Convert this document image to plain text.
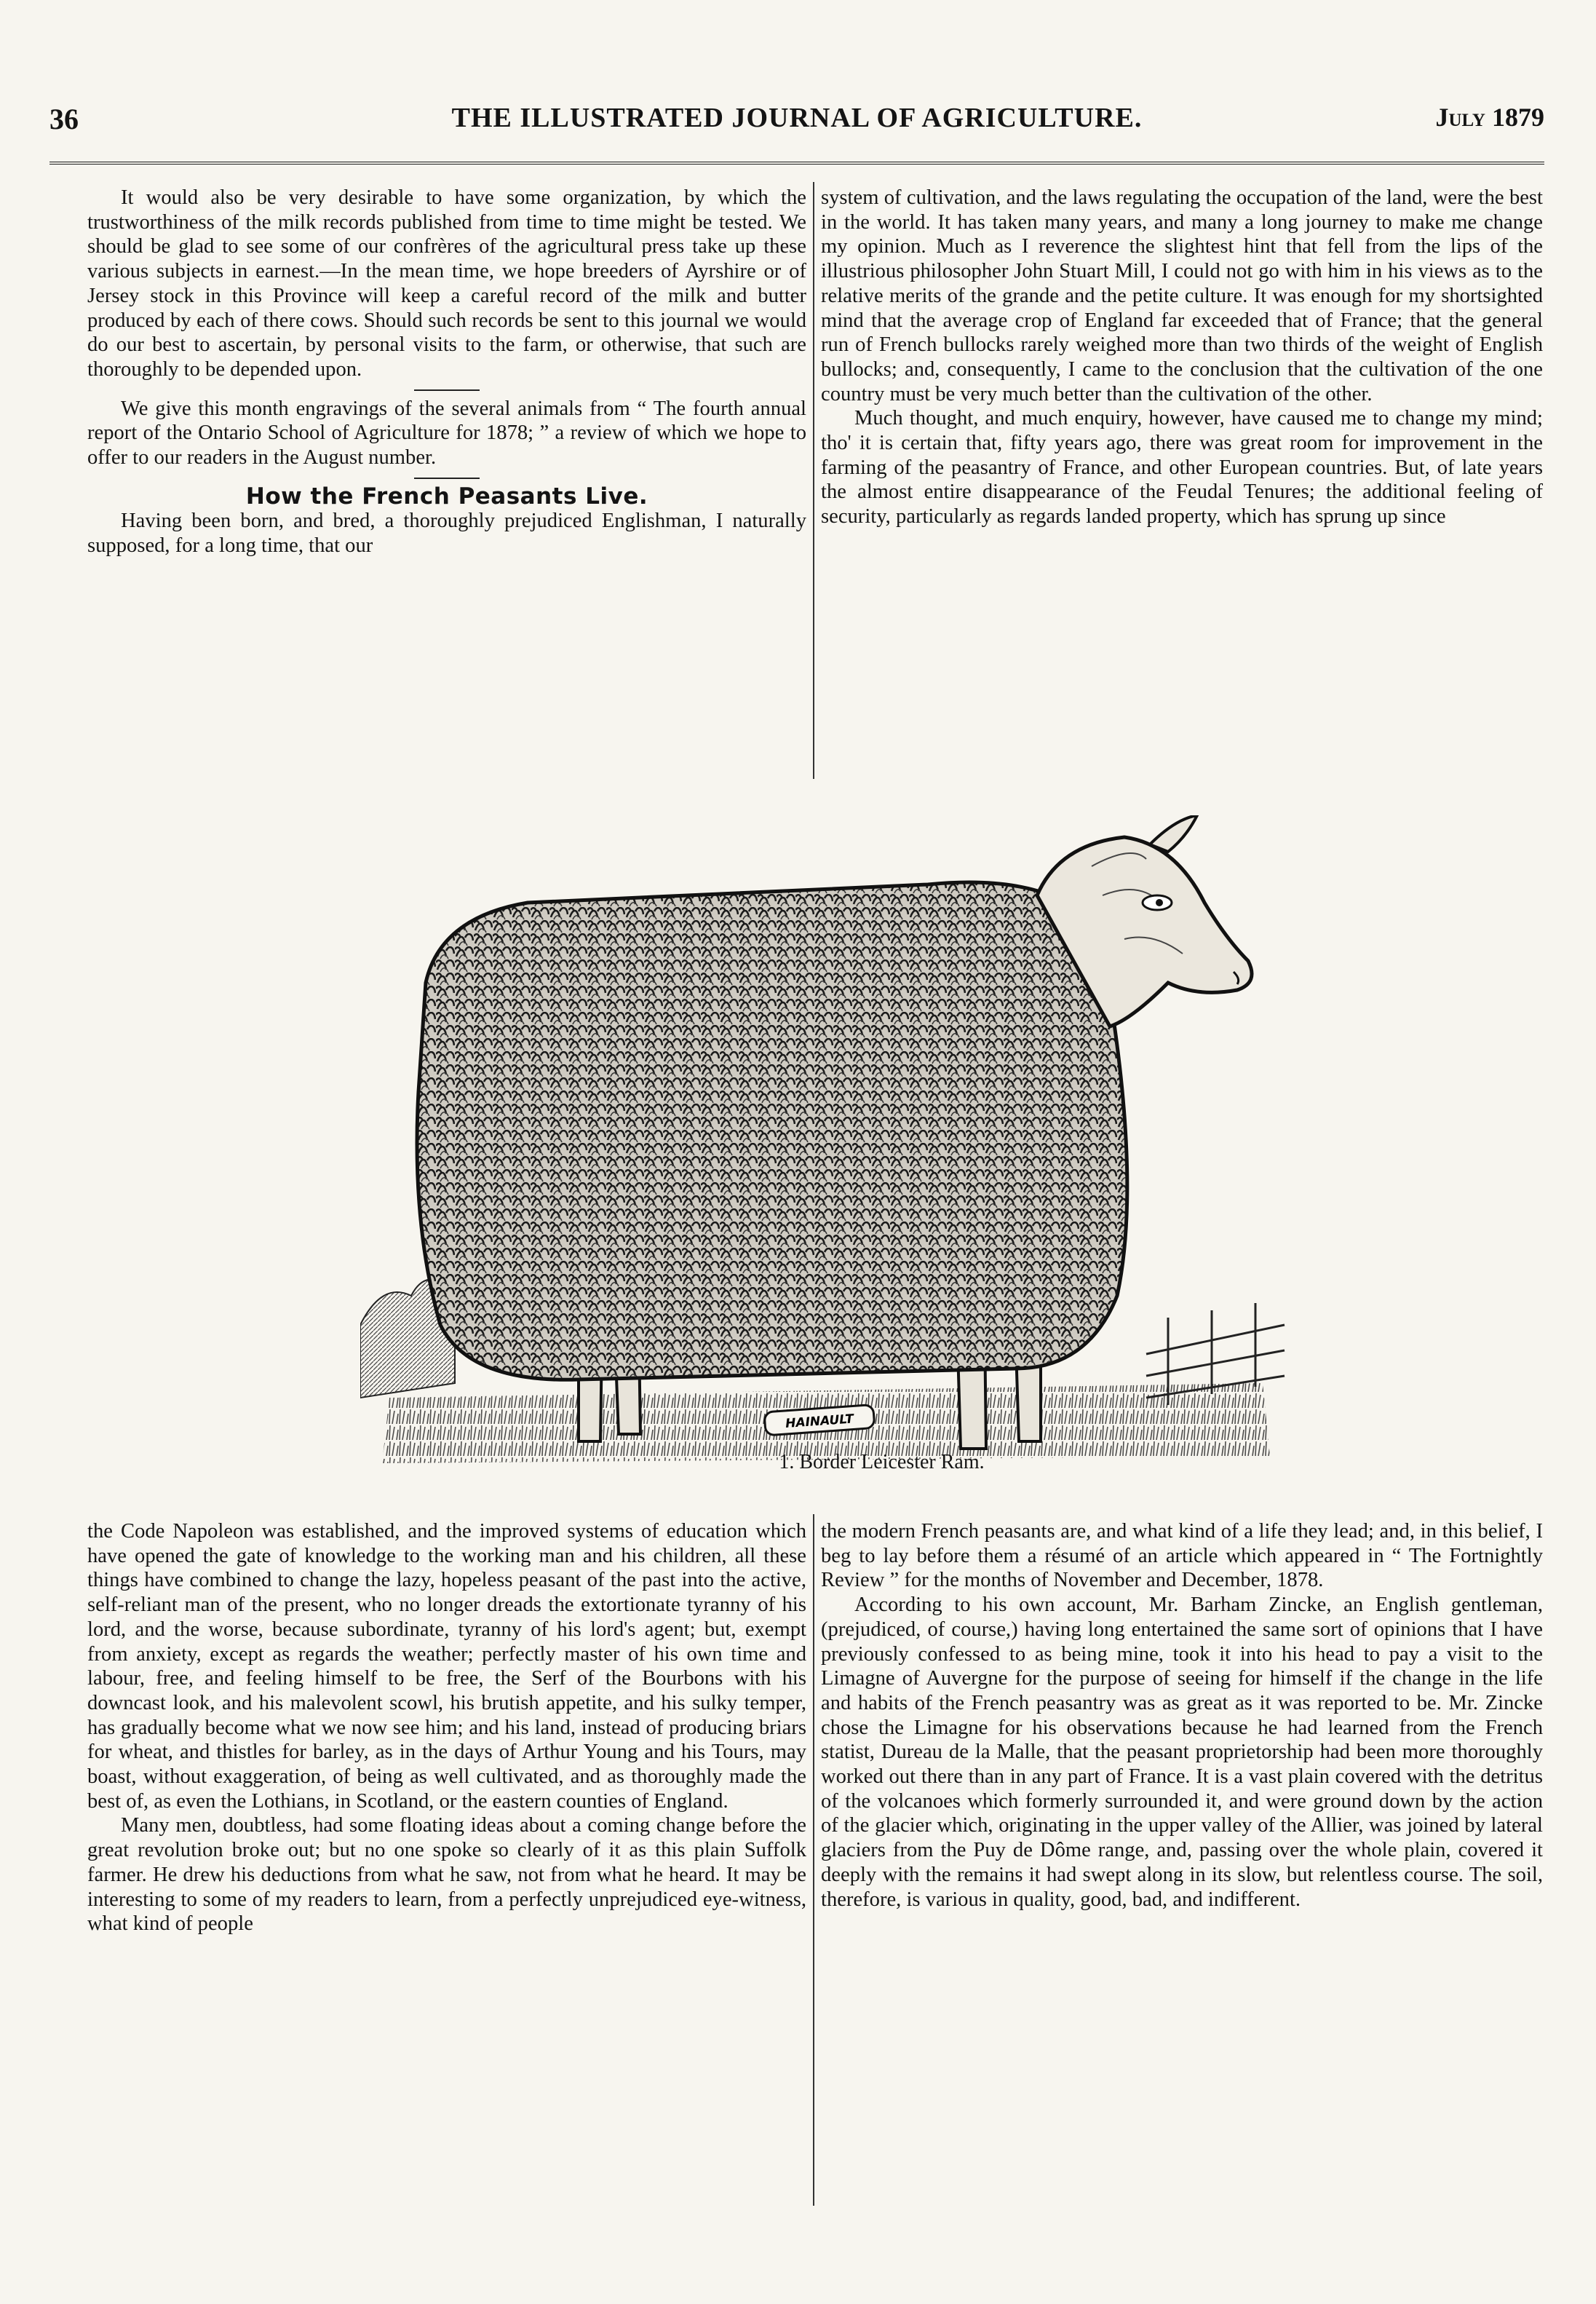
36	THE ILLUSTRATED JOURNAL OF AGRICULTURE.	July 1879

It would also be very desirable to have some organization, by which the trustworthiness of the milk records published from time to time might be tested. We should be glad to see some of our confrères of the agricultural press take up these various subjects in earnest.—In the mean time, we hope breeders of Ayrshire or of Jersey stock in this Province will keep a careful record of the milk and butter produced by each of there cows. Should such records be sent to this journal we would do our best to ascertain, by personal visits to the farm, or otherwise, that such are thoroughly to be depended upon.

We give this month engravings of the several animals from “ The fourth annual report of the Ontario School of Agriculture for 1878; ” a review of which we hope to offer to our readers in the August number.

How the French Peasants Live.

Having been born, and bred, a thoroughly prejudiced Englishman, I naturally supposed, for a long time, that our

system of cultivation, and the laws regulating the occupation of the land, were the best in the world. It has taken many years, and many a long journey to make me change my opinion. Much as I reverence the slightest hint that fell from the lips of the illustrious philosopher John Stuart Mill, I could not go with him in his views as to the relative merits of the grande and the petite culture. It was enough for my shortsighted mind that the average crop of England far exceeded that of France; that the general run of French bullocks rarely weighed more than two thirds of the weight of English bullocks; and, consequently, I came to the conclusion that the cultivation of the one country must be very much better than the cultivation of the other.

Much thought, and much enquiry, however, have caused me to change my mind; tho' it is certain that, fifty years ago, there was great room for improvement in the farming of the peasantry of France, and other European countries. But, of late years the almost entire disappearance of the Feudal Tenures; the additional feeling of security, particularly as regards landed property, which has sprung up since

HAINAULT
1. Border Leicester Ram.

the Code Napoleon was established, and the improved systems of education which have opened the gate of knowledge to the working man and his children, all these things have combined to change the lazy, hopeless peasant of the past into the active, self-reliant man of the present, who no longer dreads the extortionate tyranny of his lord, and the worse, because subordinate, tyranny of his lord's agent; but, exempt from anxiety, except as regards the weather; perfectly master of his own time and labour, free, and feeling himself to be free, the Serf of the Bourbons with his downcast look, and his malevolent scowl, his brutish appetite, and his sulky temper, has gradually become what we now see him; and his land, instead of producing briars for wheat, and thistles for barley, as in the days of Arthur Young and his Tours, may boast, without exaggeration, of being as well cultivated, and as thoroughly made the best of, as even the Lothians, in Scotland, or the eastern counties of England.

Many men, doubtless, had some floating ideas about a coming change before the great revolution broke out; but no one spoke so clearly of it as this plain Suffolk farmer. He drew his deductions from what he saw, not from what he heard. It may be interesting to some of my readers to learn, from a perfectly unprejudiced eye-witness, what kind of people

the modern French peasants are, and what kind of a life they lead; and, in this belief, I beg to lay before them a résumé of an article which appeared in “ The Fortnightly Review ” for the months of November and December, 1878.

According to his own account, Mr. Barham Zincke, an English gentleman, (prejudiced, of course,) having long entertained the same sort of opinions that I have previously confessed to as being mine, took it into his head to pay a visit to the Limagne of Auvergne for the purpose of seeing for himself if the change in the life and habits of the French peasantry was as great as it was reported to be. Mr. Zincke chose the Limagne for his observations because he had learned from the French statist, Dureau de la Malle, that the peasant proprietorship had been more thoroughly worked out there than in any part of France. It is a vast plain covered with the detritus of the volcanoes which formerly surrounded it, and were ground down by the action of the glacier which, originating in the upper valley of the Allier, was joined by lateral glaciers from the Puy de Dôme range, and, passing over the whole plain, covered it deeply with the remains it had swept along in its slow, but relentless course. The soil, therefore, is various in quality, good, bad, and indifferent.
